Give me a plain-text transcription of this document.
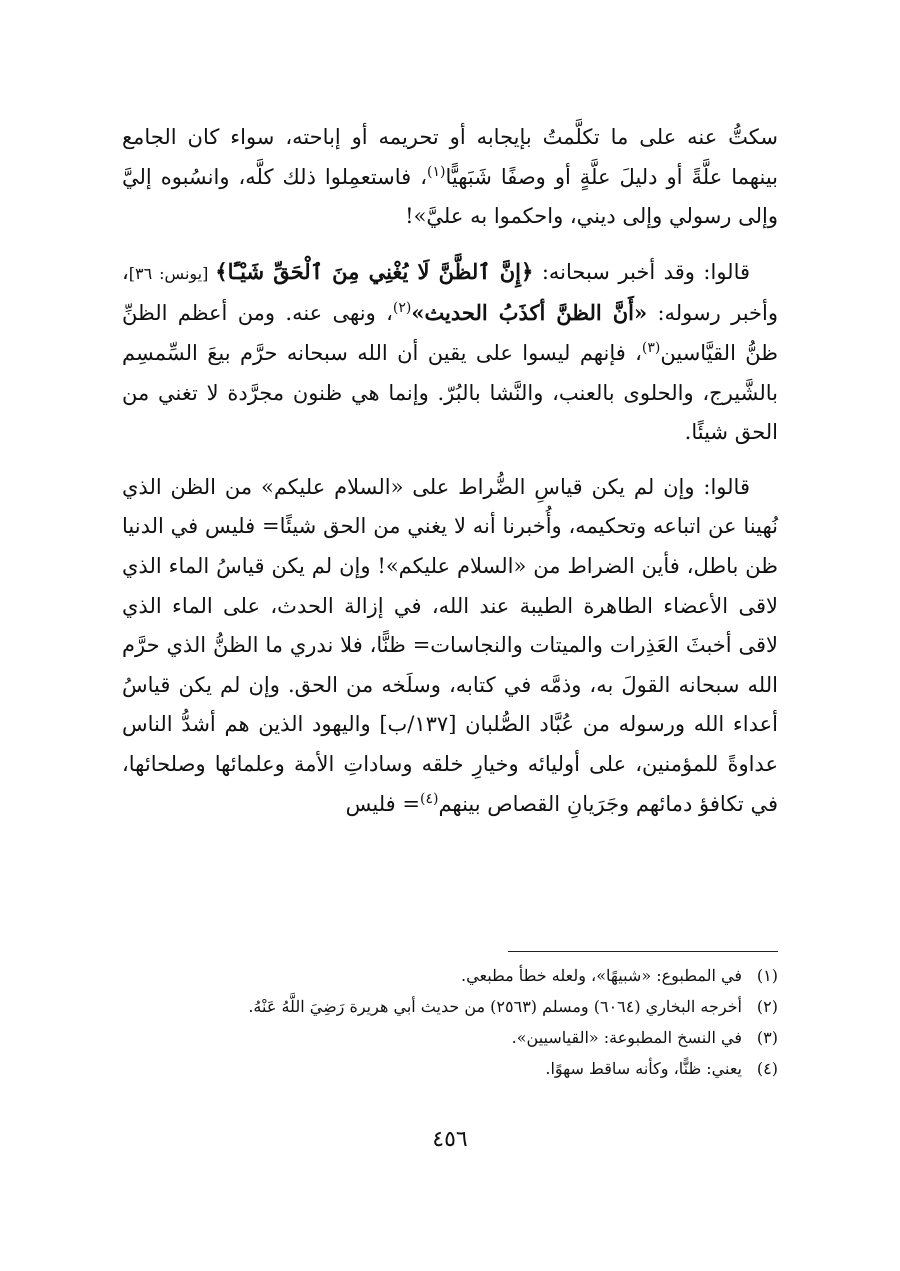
سكتُّ عنه على ما تكلَّمتُ بإيجابه أو تحريمه أو إباحته، سواء كان الجامع بينهما علَّةً أو دليلَ علَّةٍ أو وصفًا شَبَهيًّا$^{(١)}$، فاستعمِلوا ذلك كلَّه، وانسُبوه إليَّ وإلى رسولي وإلى ديني، واحكموا به عليَّ»!

قالوا: وقد أخبر سبحانه: ﴿إِنَّ ٱلظَّنَّ لَا يُغْنِي مِنَ ٱلْحَقِّ شَيْـًٔا﴾ [يونس: ٣٦]، وأخبر رسوله: «أَنَّ الظنَّ أكذَبُ الحديث»$^{(٢)}$، ونهى عنه. ومن أعظم الظنِّ ظنُّ القيَّاسين$^{(٣)}$، فإنهم ليسوا على يقين أن الله سبحانه حرَّم بيعَ السِّمسِم بالشَّيرج، والحلوى بالعنب، والنَّشا بالبُرّ. وإنما هي ظنون مجرَّدة لا تغني من الحق شيئًا.

قالوا: وإن لم يكن قياسِ الضُّراط على «السلام عليكم» من الظن الذي نُهينا عن اتباعه وتحكيمه، وأُخبرنا أنه لا يغني من الحق شيئًا= فليس في الدنيا ظن باطل، فأين الضراط من «السلام عليكم»! وإن لم يكن قياسُ الماء الذي لاقى الأعضاء الطاهرة الطيبة عند الله، في إزالة الحدث، على الماء الذي لاقى أخبثَ العَذِرات والميتات والنجاسات= ظنًّا، فلا ندري ما الظنُّ الذي حرَّم الله سبحانه القولَ به، وذمَّه في كتابه، وسلَخه من الحق. وإن لم يكن قياسُ أعداء الله ورسوله من عُبَّاد الصُّلبان [١٣٧/ب] واليهود الذين هم أشدُّ الناس عداوةً للمؤمنين، على أوليائه وخيارِ خلقه وساداتِ الأمة وعلمائها وصلحائها، في تكافؤ دمائهم وجَرَيانِ القصاص بينهم$^{(٤)}$= فليس

(١)
في المطبوع: «شبيهًا»، ولعله خطأ مطبعي.
(٢)
أخرجه البخاري (٦٠٦٤) ومسلم (٢٥٦٣) من حديث أبي هريرة رَضِيَ اللَّهُ عَنْهُ.
(٣)
في النسخ المطبوعة: «القياسيين».
(٤)
يعني: ظنًّا، وكأنه ساقط سهوًا.
٤٥٦
